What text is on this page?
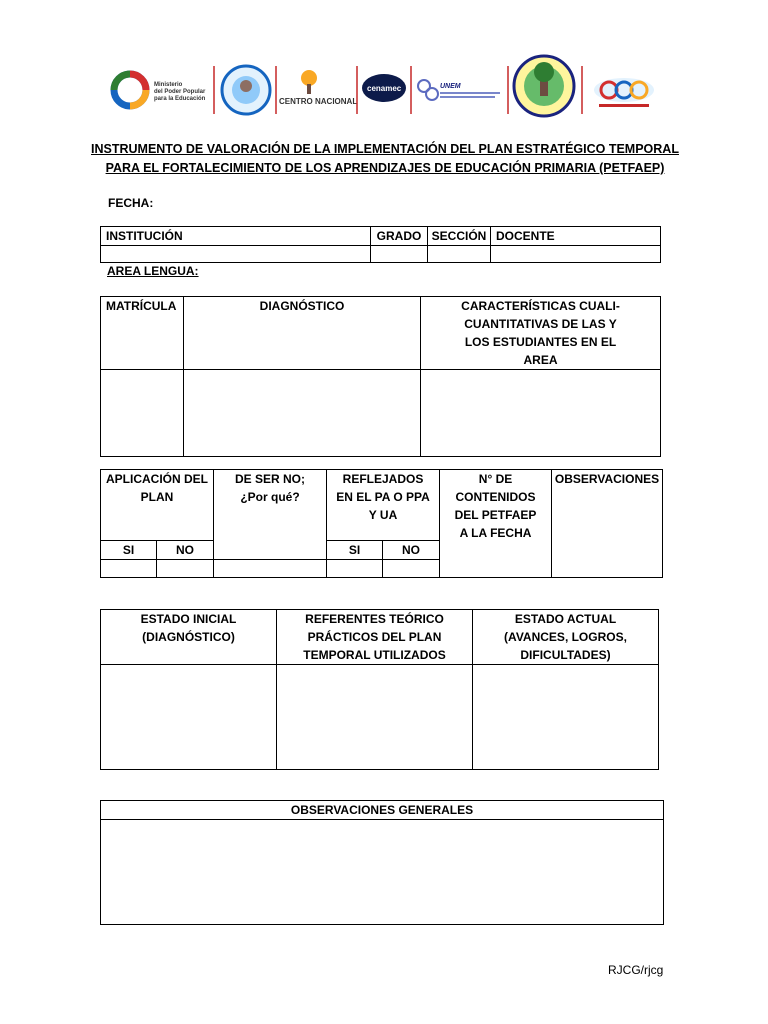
Ministerio
del Poder Popular
para la Educación	CENTRO NACIONAL
cenamec	UNEM
INSTRUMENTO DE VALORACIÓN DE LA IMPLEMENTACIÓN DEL PLAN ESTRATÉGICO TEMPORAL
PARA EL FORTALECIMIENTO DE LOS APRENDIZAJES DE EDUCACIÓN PRIMARIA (PETFAEP)
FECHA:
INSTITUCIÓN	GRADO	SECCIÓN	DOCENTE

AREA LENGUA:
MATRÍCULA	DIAGNÓSTICO	CARACTERÍSTICAS CUALI-CUANTITATIVAS DE LAS Y LOS ESTUDIANTES EN EL AREA

APLICACIÓN DEL PLAN		DE SER NO; ¿Por qué?	REFLEJADOS EN EL PA O PPA Y UA		N° DE CONTENIDOS DEL PETFAEP A LA FECHA	OBSERVACIONES
SI	NO		SI	NO		

ESTADO INICIAL (DIAGNÓSTICO)	REFERENTES TEÓRICO PRÁCTICOS DEL PLAN TEMPORAL UTILIZADOS	ESTADO ACTUAL (AVANCES, LOGROS, DIFICULTADES)

OBSERVACIONES GENERALES

RJCG/rjcg
